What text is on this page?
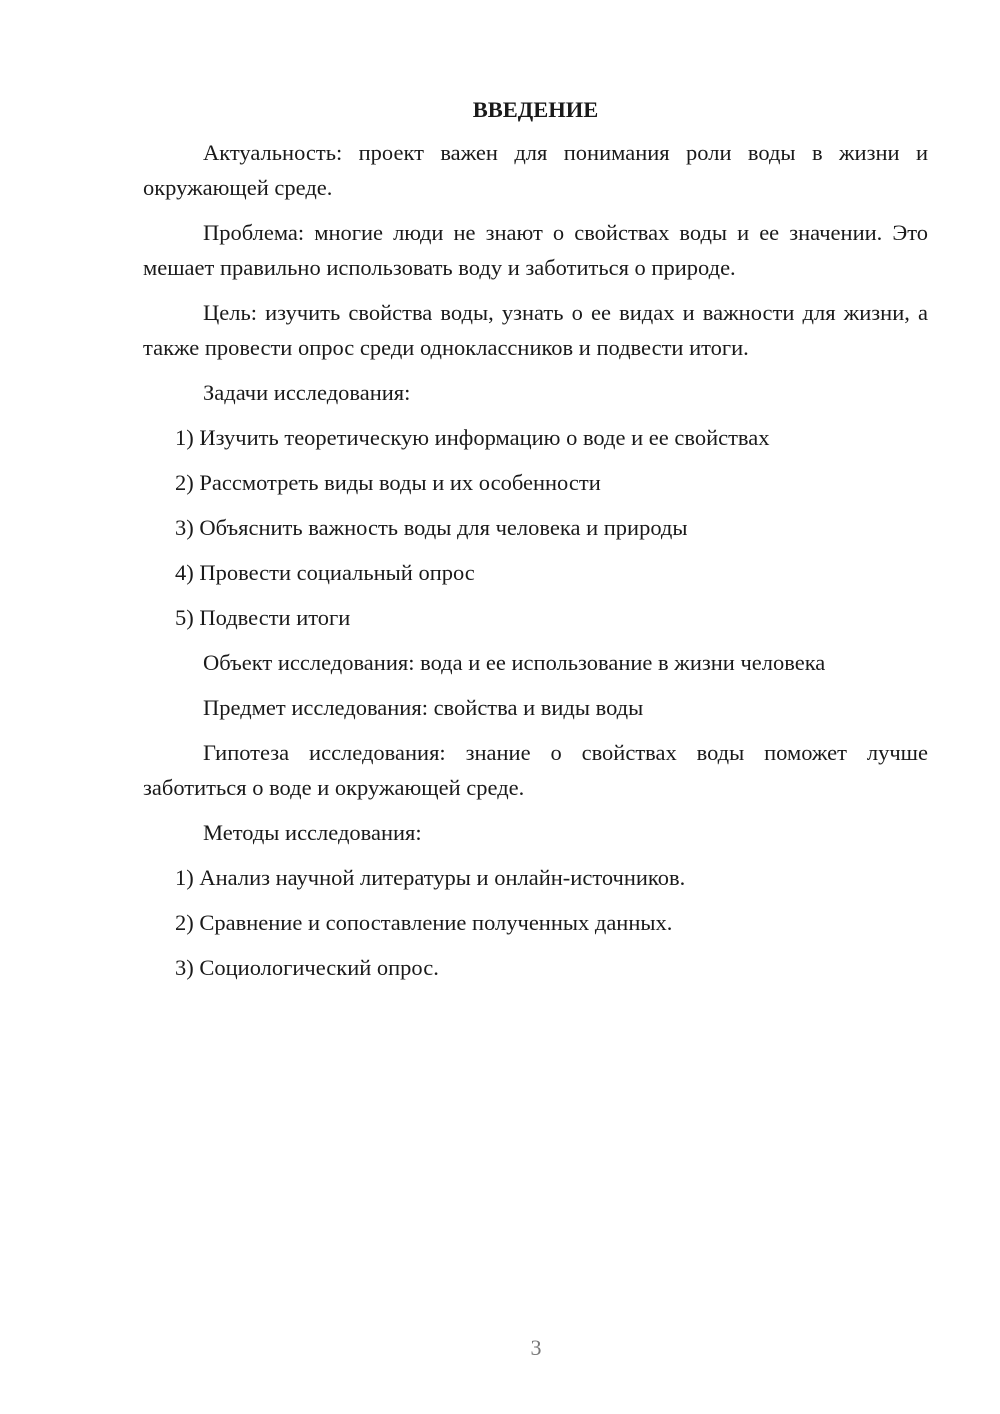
ВВЕДЕНИЕ

Актуальность: проект важен для понимания роли воды в жизни и окружающей среде.

Проблема: многие люди не знают о свойствах воды и ее значении. Это мешает правильно использовать воду и заботиться о природе.

Цель: изучить свойства воды, узнать о ее видах и важности для жизни, а также провести опрос среди одноклассников и подвести итоги.

Задачи исследования:

1) Изучить теоретическую информацию о воде и ее свойствах
2) Рассмотреть виды воды и их особенности
3) Объяснить важность воды для человека и природы
4) Провести социальный опрос
5) Подвести итоги

Объект исследования: вода и ее использование в жизни человека

Предмет исследования: свойства и виды воды

Гипотеза исследования: знание о свойствах воды поможет лучше заботиться о воде и окружающей среде.

Методы исследования:

1) Анализ научной литературы и онлайн-источников.
2) Сравнение и сопоставление полученных данных.
3) Социологический опрос.
3
